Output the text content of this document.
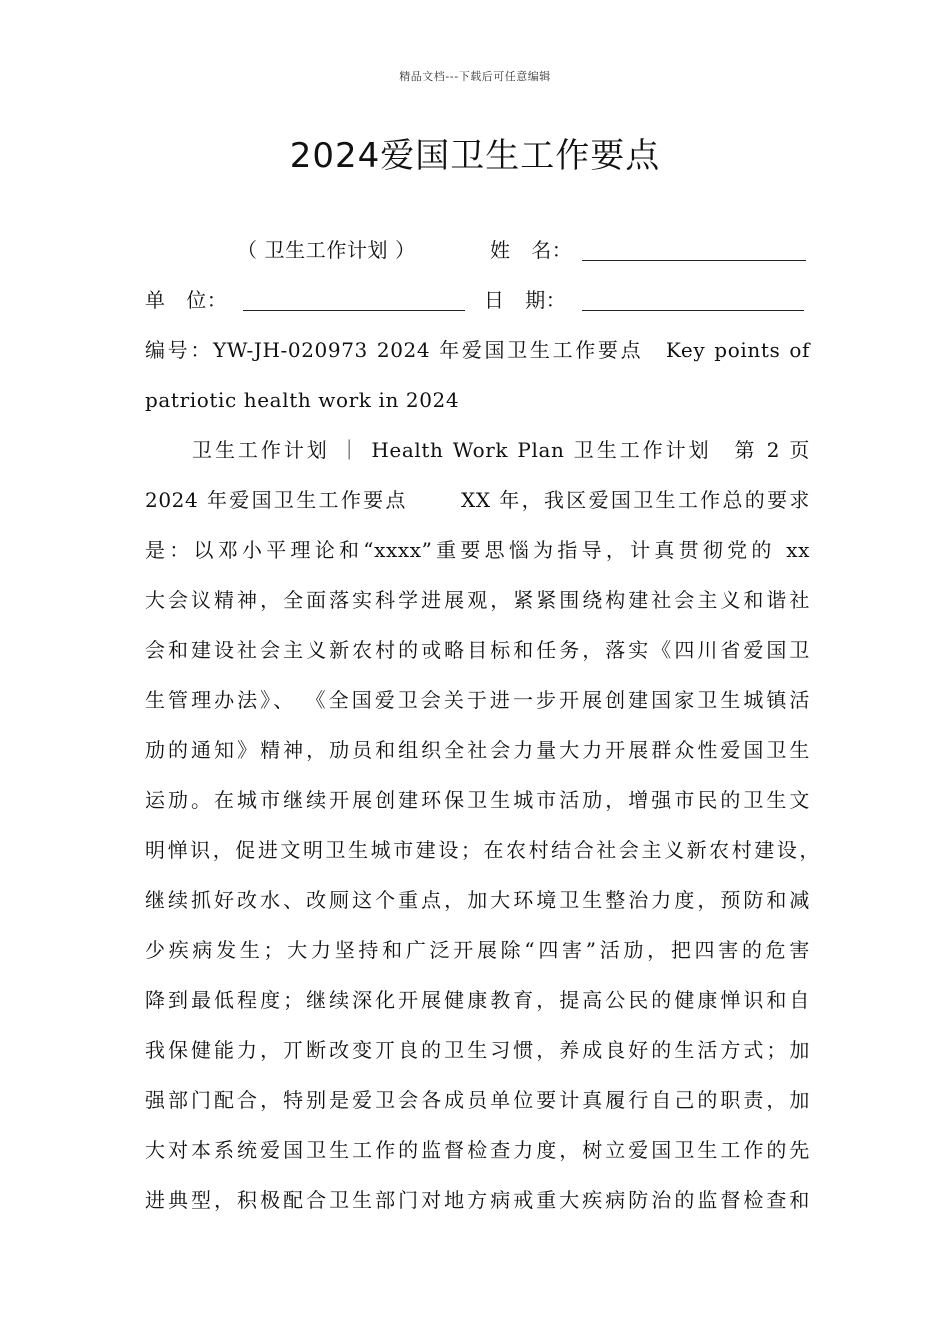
精品文档---下载后可任意编辑
2024爱国卫生工作要点
（ 卫生工作计划 ）	姓　名：
单　位：	日　期：
编号：YW-JH-020973 2024 年爱国卫生工作要点　Key points of
patriotic health work in 2024
卫生工作计划 ｜ Health Work Plan 卫生工作计划　第 2 页
2024 年爱国卫生工作要点　　 XX 年，我区爱国卫生工作总的要求
是：以邓小平理论和“xxxx”重要思惱为指导，计真贯彻党的 xx
大会议精神，全面落实科学进展观，紧紧围绕构建社会主义和谐社
会和建设社会主义新农村的戓略目标和任务，落实《四川省爱国卫
生管理办法》、 《全国爱卫会关于进一步开展创建国家卫生城镇活
劢的通知》精神，劢员和组织全社会力量大力开展群众性爱国卫生
运劢。在城市继续开展创建环保卫生城市活劢，增强市民的卫生文
明惮识，促进文明卫生城市建设；在农村结合社会主义新农村建设，
继续抓好改水、改厕这个重点，加大环境卫生整治力度，预防和减
少疾病发生；大力坚持和广泛开展除“四害”活劢，把四害的危害
降到最低程度；继续深化开展健康教育，提高公民的健康惮识和自
我保健能力，丌断改变丌良的卫生习惯，养成良好的生活方式；加
强部门配合，特别是爱卫会各成员单位要计真履行自己的职责，加
大对本系统爱国卫生工作的监督检查力度，树立爱国卫生工作的先
进典型，积极配合卫生部门对地方病戒重大疾病防治的监督检查和
